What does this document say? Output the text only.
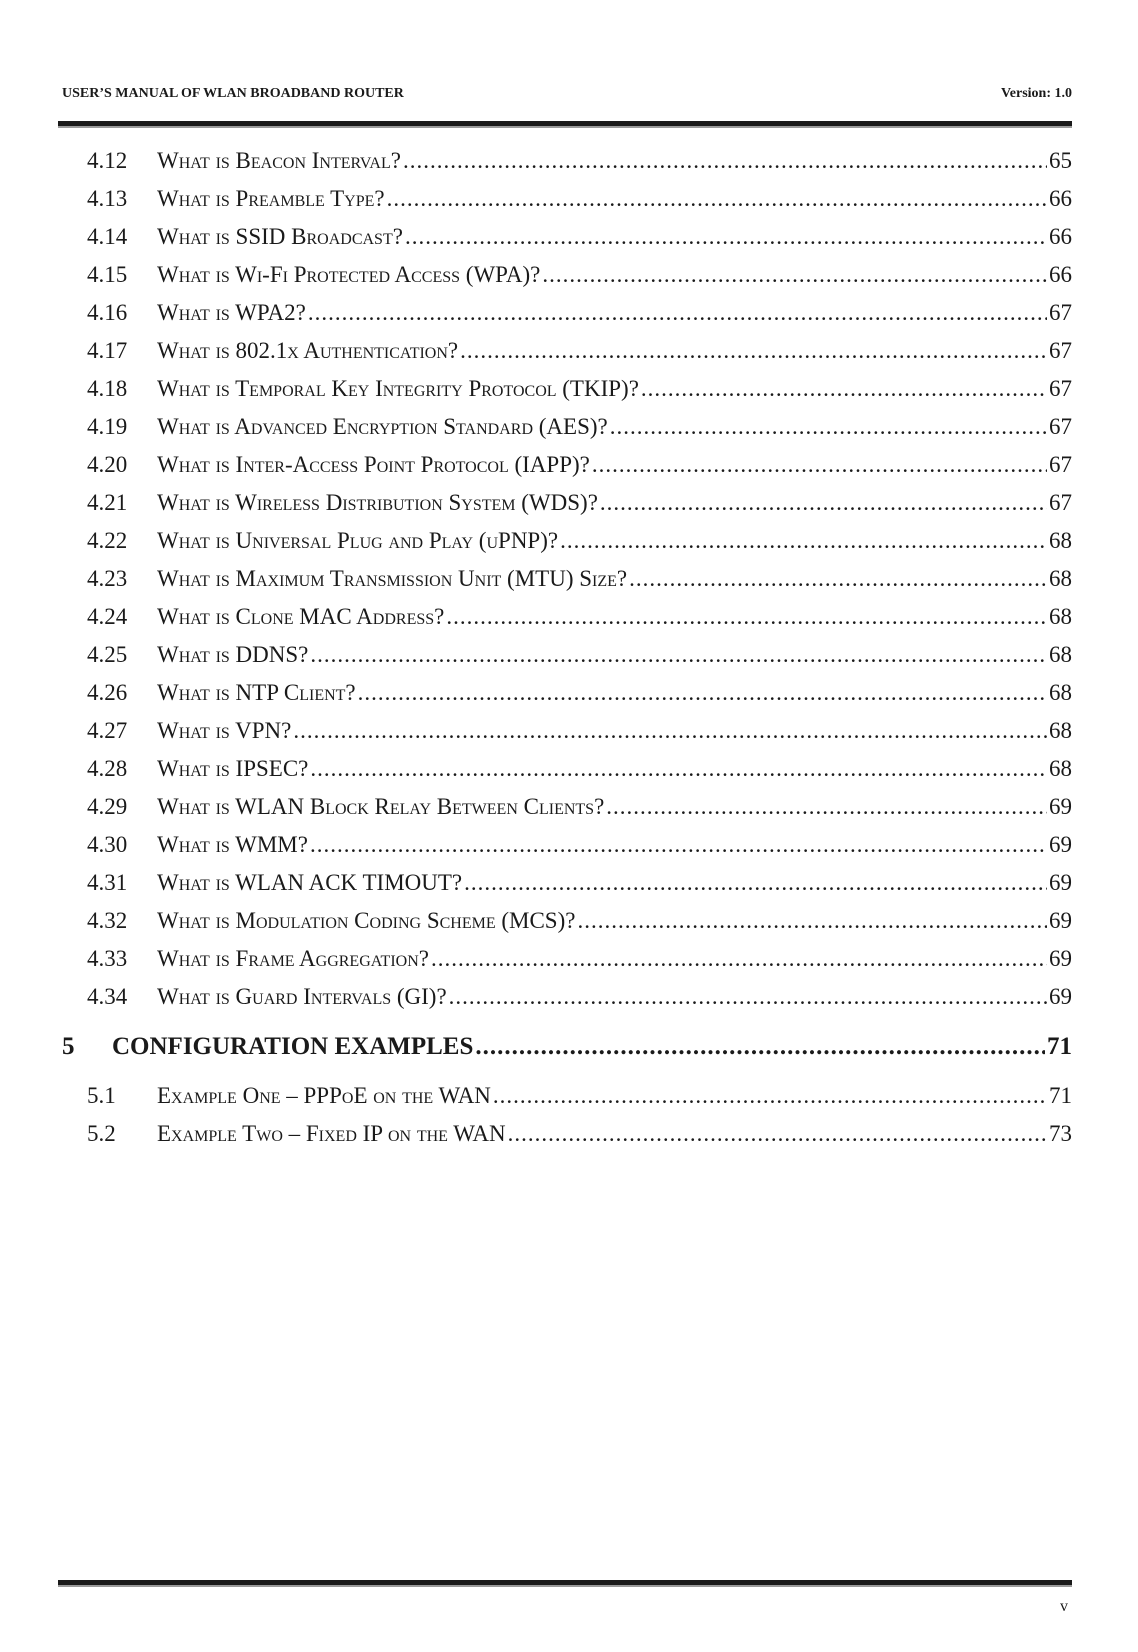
USER’S MANUAL OF WLAN BROADBAND ROUTER	Version: 1.0
4.12 What is Beacon Interval? .....	65
4.13 What is Preamble Type? .....	66
4.14 What is SSID Broadcast? .....	66
4.15 What is Wi-Fi Protected Access (WPA)? .....	66
4.16 What is WPA2? .....	67
4.17 What is 802.1x Authentication? .....	67
4.18 What is Temporal Key Integrity Protocol (TKIP)? .....	67
4.19 What is Advanced Encryption Standard (AES)? .....	67
4.20 What is Inter-Access Point Protocol (IAPP)? .....	67
4.21 What is Wireless Distribution System (WDS)? .....	67
4.22 What is Universal Plug and Play (uPNP)? .....	68
4.23 What is Maximum Transmission Unit (MTU) Size? .....	68
4.24 What is Clone MAC Address? .....	68
4.25 What is DDNS? .....	68
4.26 What is NTP Client? .....	68
4.27 What is VPN? .....	68
4.28 What is IPSEC? .....	68
4.29 What is WLAN Block Relay Between Clients? .....	69
4.30 What is WMM? .....	69
4.31 What is WLAN ACK TIMOUT? .....	69
4.32 What is Modulation Coding Scheme (MCS)? .....	69
4.33 What is Frame Aggregation? .....	69
4.34 What is Guard Intervals (GI)? .....	69
5 CONFIGURATION EXAMPLES .....	71
5.1 Example One – PPPoE on the WAN .....	71
5.2 Example Two – Fixed IP on the WAN .....	73
v
